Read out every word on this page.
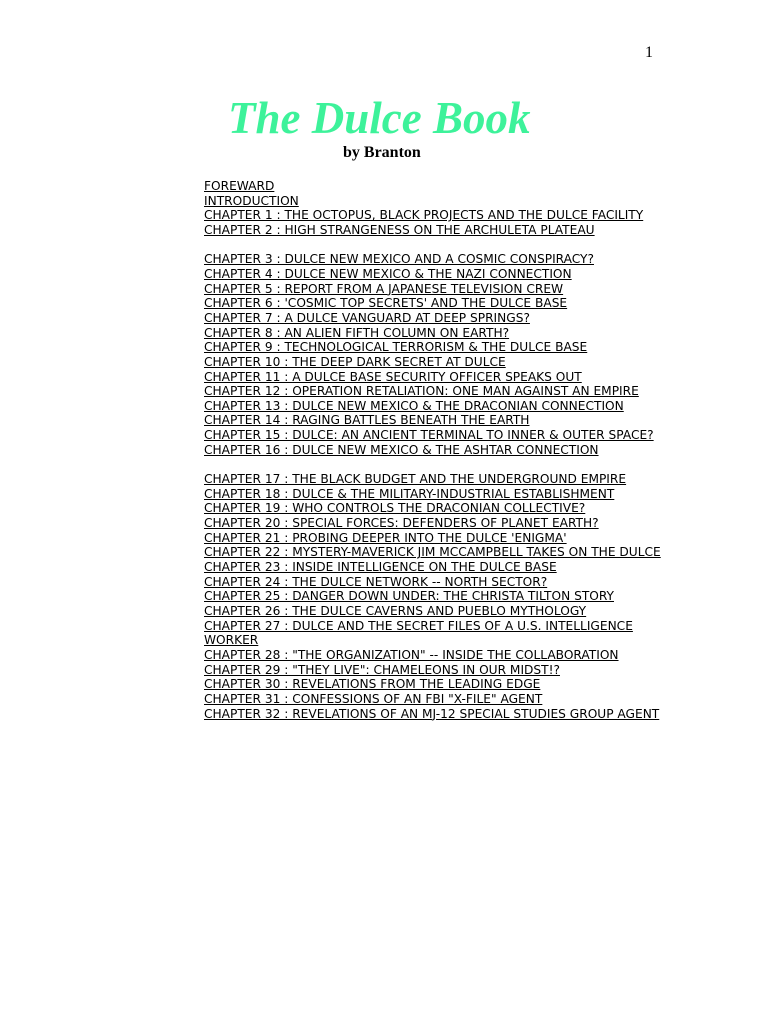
1
The Dulce Book
by Branton
FOREWARD
INTRODUCTION
CHAPTER 1 : THE OCTOPUS, BLACK PROJECTS AND THE DULCE FACILITY
CHAPTER 2 : HIGH STRANGENESS ON THE ARCHULETA PLATEAU
CHAPTER 3 : DULCE NEW MEXICO AND A COSMIC CONSPIRACY?
CHAPTER 4 : DULCE NEW MEXICO & THE NAZI CONNECTION
CHAPTER 5 : REPORT FROM A JAPANESE TELEVISION CREW
CHAPTER 6 : 'COSMIC TOP SECRETS' AND THE DULCE BASE
CHAPTER 7 : A DULCE VANGUARD AT DEEP SPRINGS?
CHAPTER 8 : AN ALIEN FIFTH COLUMN ON EARTH?
CHAPTER 9 : TECHNOLOGICAL TERRORISM & THE DULCE BASE
CHAPTER 10 : THE DEEP DARK SECRET AT DULCE
CHAPTER 11 : A DULCE BASE SECURITY OFFICER SPEAKS OUT
CHAPTER 12 : OPERATION RETALIATION: ONE MAN AGAINST AN EMPIRE
CHAPTER 13 : DULCE NEW MEXICO & THE DRACONIAN CONNECTION
CHAPTER 14 : RAGING BATTLES BENEATH THE EARTH
CHAPTER 15 : DULCE: AN ANCIENT TERMINAL TO INNER & OUTER SPACE?
CHAPTER 16 : DULCE NEW MEXICO & THE ASHTAR CONNECTION
CHAPTER 17 : THE BLACK BUDGET AND THE UNDERGROUND EMPIRE
CHAPTER 18 : DULCE & THE MILITARY-INDUSTRIAL ESTABLISHMENT
CHAPTER 19 : WHO CONTROLS THE DRACONIAN COLLECTIVE?
CHAPTER 20 : SPECIAL FORCES: DEFENDERS OF PLANET EARTH?
CHAPTER 21 : PROBING DEEPER INTO THE DULCE 'ENIGMA'
CHAPTER 22 : MYSTERY-MAVERICK JIM MCCAMPBELL TAKES ON THE DULCE
CHAPTER 23 : INSIDE INTELLIGENCE ON THE DULCE BASE
CHAPTER 24 : THE DULCE NETWORK -- NORTH SECTOR?
CHAPTER 25 : DANGER DOWN UNDER: THE CHRISTA TILTON STORY
CHAPTER 26 : THE DULCE CAVERNS AND PUEBLO MYTHOLOGY
CHAPTER 27 : DULCE AND THE SECRET FILES OF A U.S. INTELLIGENCE WORKER
CHAPTER 28 : "THE ORGANIZATION" -- INSIDE THE COLLABORATION
CHAPTER 29 : "THEY LIVE": CHAMELEONS IN OUR MIDST!?
CHAPTER 30 : REVELATIONS FROM THE LEADING EDGE
CHAPTER 31 : CONFESSIONS OF AN FBI "X-FILE" AGENT
CHAPTER 32 : REVELATIONS OF AN MJ-12 SPECIAL STUDIES GROUP AGENT
